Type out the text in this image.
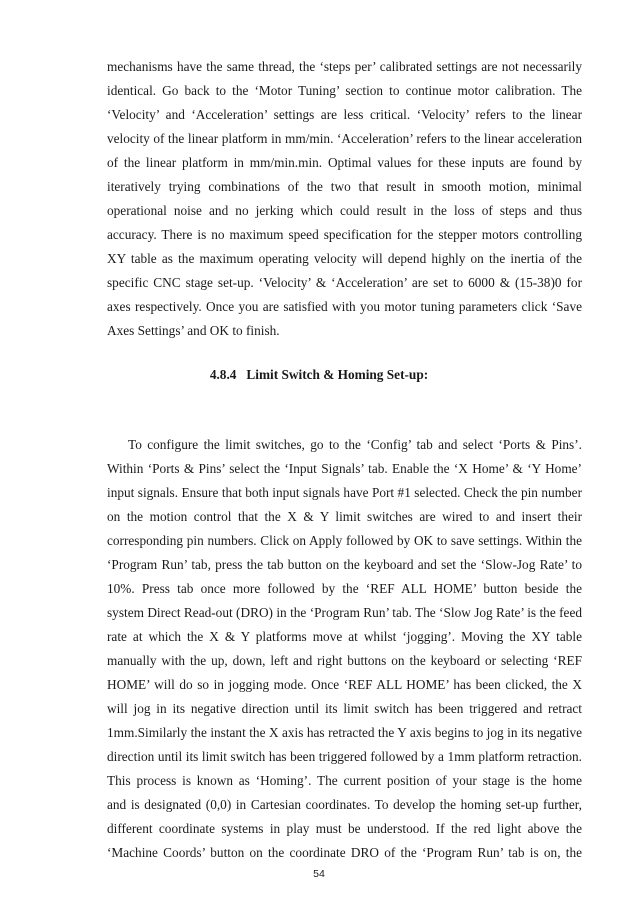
mechanisms have the same thread, the ‘steps per’ calibrated settings are not necessarily
identical. Go back to the ‘Motor Tuning’ section to continue motor calibration. The
‘Velocity’ and ‘Acceleration’ settings are less critical. ‘Velocity’ refers to the linear
velocity of the linear platform in mm/min. ‘Acceleration’ refers to the linear acceleration
of the linear platform in mm/min.min. Optimal values for these inputs are found by
iteratively trying combinations of the two that result in smooth motion, minimal
operational noise and no jerking which could result in the loss of steps and thus
accuracy. There is no maximum speed specification for the stepper motors controlling
XY table as the maximum operating velocity will depend highly on the inertia of the
specific CNC stage set-up. ‘Velocity’ & ‘Acceleration’ are set to 6000 & (15-38)0 for
axes respectively. Once you are satisfied with you motor tuning parameters click ‘Save
Axes Settings’ and OK to finish.
4.8.4 Limit Switch & Homing Set-up:
To configure the limit switches, go to the ‘Config’ tab and select ‘Ports & Pins’.
Within ‘Ports & Pins’ select the ‘Input Signals’ tab. Enable the ‘X Home’ & ‘Y Home’
input signals. Ensure that both input signals have Port #1 selected. Check the pin number
on the motion control that the X & Y limit switches are wired to and insert their
corresponding pin numbers. Click on Apply followed by OK to save settings. Within the
‘Program Run’ tab, press the tab button on the keyboard and set the ‘Slow-Jog Rate’ to
10%. Press tab once more followed by the ‘REF ALL HOME’ button beside the
system Direct Read-out (DRO) in the ‘Program Run’ tab. The ‘Slow Jog Rate’ is the feed
rate at which the X & Y platforms move at whilst ‘jogging’. Moving the XY table
manually with the up, down, left and right buttons on the keyboard or selecting ‘REF
HOME’ will do so in jogging mode. Once ‘REF ALL HOME’ has been clicked, the X
will jog in its negative direction until its limit switch has been triggered and retract
1mm.Similarly the instant the X axis has retracted the Y axis begins to jog in its negative
direction until its limit switch has been triggered followed by a 1mm platform retraction.
This process is known as ‘Homing’. The current position of your stage is the home
and is designated (0,0) in Cartesian coordinates. To develop the homing set-up further,
different coordinate systems in play must be understood. If the red light above the
‘Machine Coords’ button on the coordinate DRO of the ‘Program Run’ tab is on, the
54
